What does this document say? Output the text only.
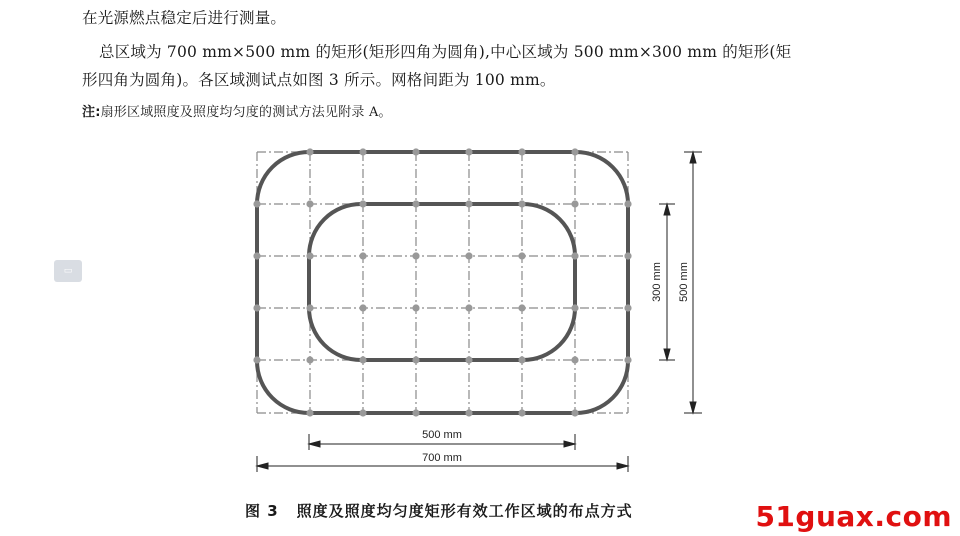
在光源燃点稳定后进行测量。
总区域为 700 mm×500 mm 的矩形(矩形四角为圆角),中心区域为 500 mm×300 mm 的矩形(矩
形四角为圆角)。各区域测试点如图 3 所示。网格间距为 100 mm。
注:扇形区域照度及照度均匀度的测试方法见附录 A。
▭
500 mm
700 mm
300 mm 500 mm
图 3 照度及照度均匀度矩形有效工作区域的布点方式	51guax.com
